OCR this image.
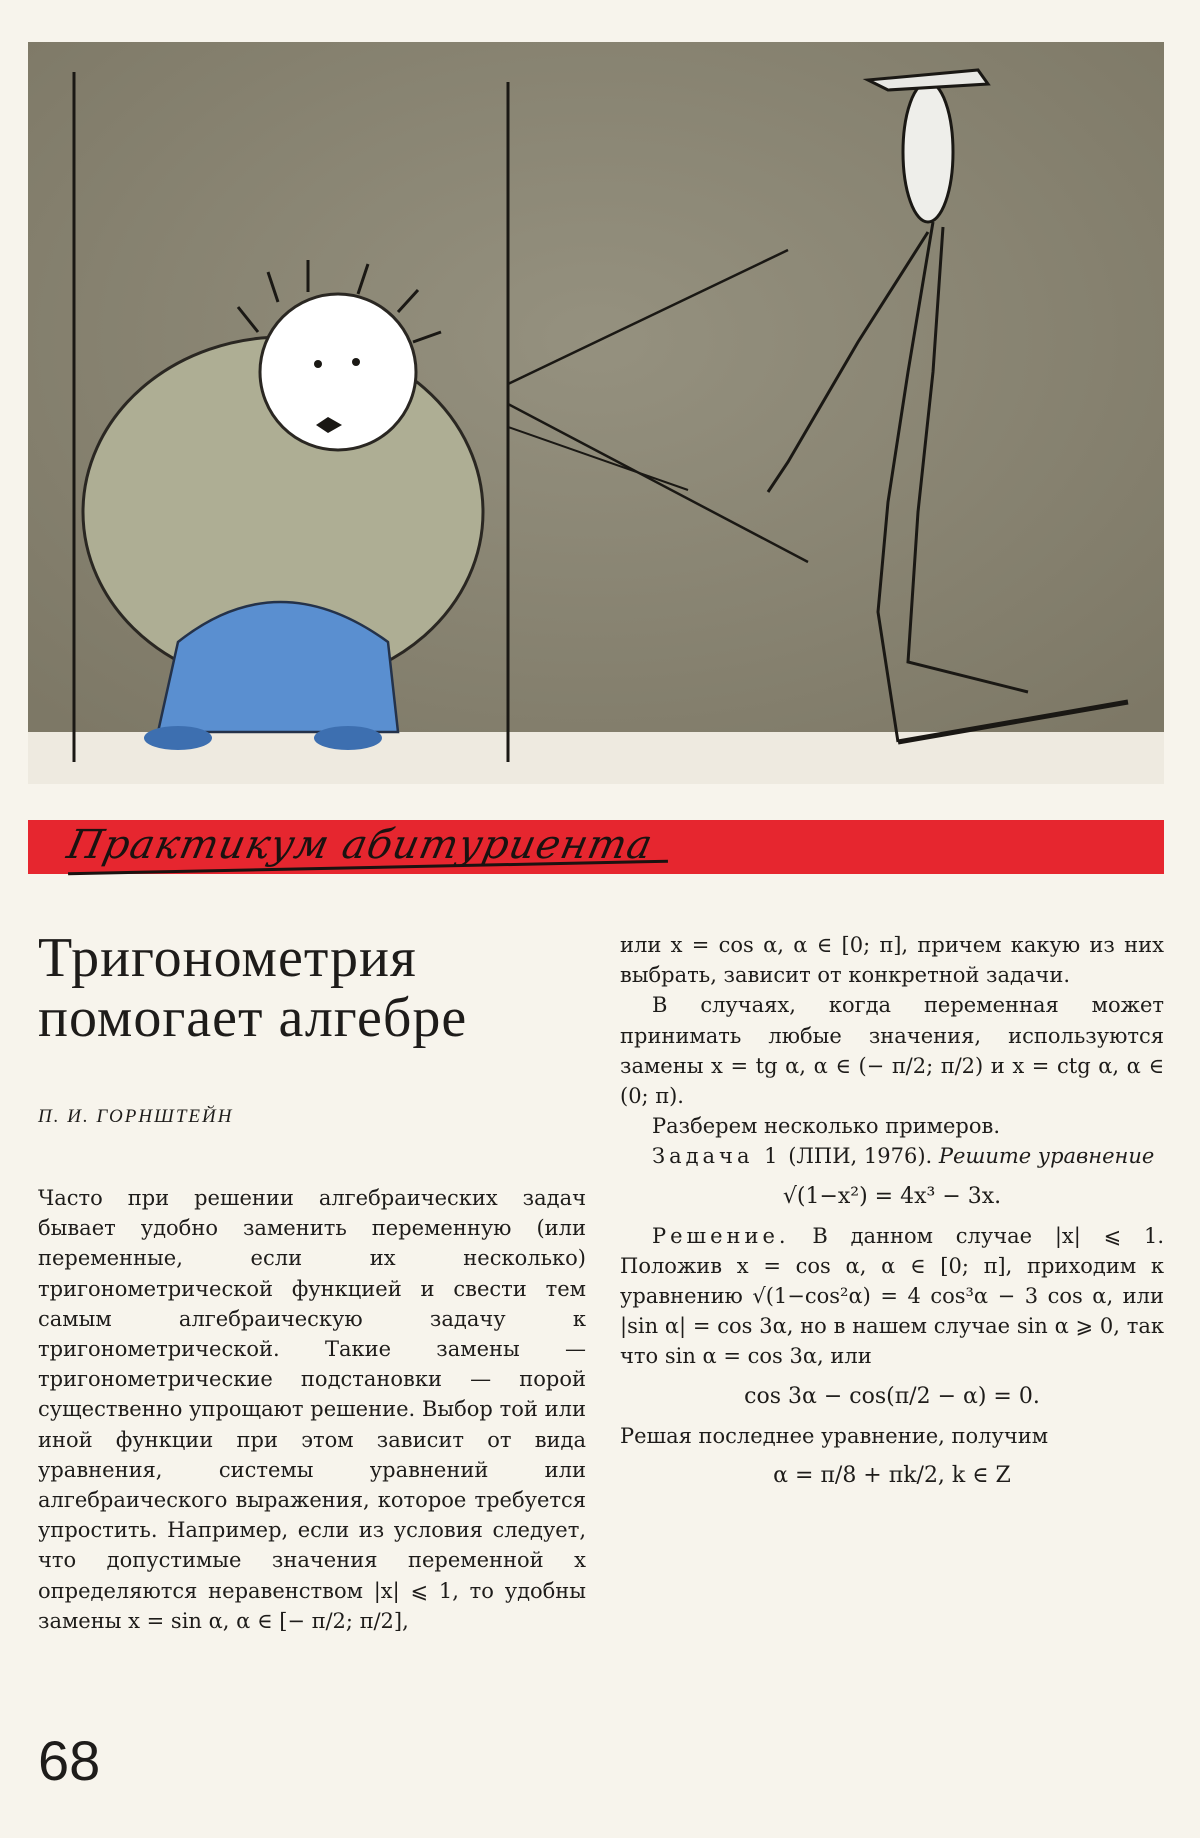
Практикум абитуриента
Тригонометрия
помогает алгебре

П. И. ГОРНШТЕЙН

Часто при решении алгебраических задач бывает удобно заменить переменную (или переменные, если их несколько) тригонометрической функцией и свести тем самым алгебраическую задачу к тригонометрической. Такие замены — тригонометрические подстановки — порой существенно упрощают решение. Выбор той или иной функции при этом зависит от вида уравнения, системы уравнений или алгебраического выражения, которое требуется упростить. Например, если из условия следует, что допустимые значения переменной x определяются неравенством |x| ⩽ 1, то удобны замены x = sin α, α ∈ [− π/2; π/2],

или x = cos α, α ∈ [0; π], причем какую из них выбрать, зависит от конкретной задачи.

В случаях, когда переменная может принимать любые значения, используются замены x = tg α, α ∈ (− π/2; π/2) и x = ctg α, α ∈ (0; π).

Разберем несколько примеров.

Задача 1 (ЛПИ, 1976). Решите уравнение

√(1−x²) = 4x³ − 3x.

Решение. В данном случае |x| ⩽ 1. Положив x = cos α, α ∈ [0; π], приходим к уравнению √(1−cos²α) = 4 cos³α − 3 cos α, или |sin α| = cos 3α, но в нашем случае sin α ⩾ 0, так что sin α = cos 3α, или

cos 3α − cos(π/2 − α) = 0.

Решая последнее уравнение, получим

α = π/8 + πk/2, k ∈ Z
68
